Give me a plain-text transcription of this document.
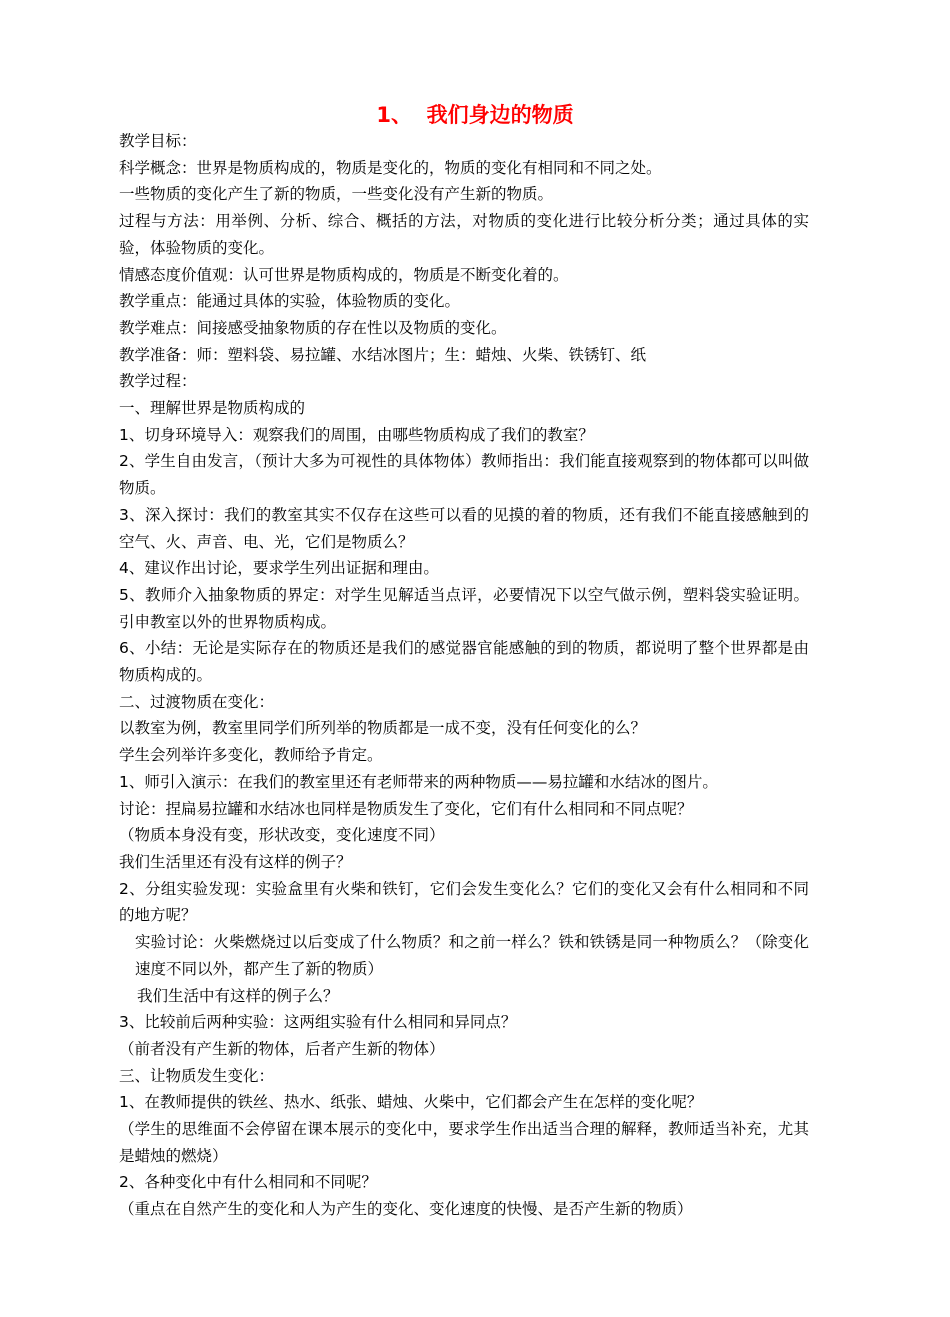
1、  我们身边的物质

教学目标：

科学概念：世界是物质构成的，物质是变化的，物质的变化有相同和不同之处。

一些物质的变化产生了新的物质，一些变化没有产生新的物质。

过程与方法：用举例、分析、综合、概括的方法，对物质的变化进行比较分析分类；通过具体的实验，体验物质的变化。

情感态度价值观：认可世界是物质构成的，物质是不断变化着的。

教学重点：能通过具体的实验，体验物质的变化。

教学难点：间接感受抽象物质的存在性以及物质的变化。

教学准备：师：塑料袋、易拉罐、水结冰图片；生：蜡烛、火柴、铁锈钉、纸

教学过程：

一、理解世界是物质构成的

1、切身环境导入：观察我们的周围，由哪些物质构成了我们的教室？

2、学生自由发言，（预计大多为可视性的具体物体）教师指出：我们能直接观察到的物体都可以叫做物质。

3、深入探讨：我们的教室其实不仅存在这些可以看的见摸的着的物质，还有我们不能直接感触到的空气、火、声音、电、光，它们是物质么？

4、建议作出讨论，要求学生列出证据和理由。

5、教师介入抽象物质的界定：对学生见解适当点评，必要情况下以空气做示例，塑料袋实验证明。引申教室以外的世界物质构成。

6、小结：无论是实际存在的物质还是我们的感觉器官能感触的到的物质，都说明了整个世界都是由物质构成的。

二、过渡物质在变化：

以教室为例，教室里同学们所列举的物质都是一成不变，没有任何变化的么？

学生会列举许多变化，教师给予肯定。

1、师引入演示：在我们的教室里还有老师带来的两种物质——易拉罐和水结冰的图片。

讨论：捏扁易拉罐和水结冰也同样是物质发生了变化，它们有什么相同和不同点呢？

（物质本身没有变，形状改变，变化速度不同）

我们生活里还有没有这样的例子？

2、分组实验发现：实验盒里有火柴和铁钉，它们会发生变化么？它们的变化又会有什么相同和不同的地方呢？

实验讨论：火柴燃烧过以后变成了什么物质？和之前一样么？铁和铁锈是同一种物质么？（除变化速度不同以外，都产生了新的物质）

我们生活中有这样的例子么？

3、比较前后两种实验：这两组实验有什么相同和异同点？

（前者没有产生新的物体，后者产生新的物体）

三、让物质发生变化：

1、在教师提供的铁丝、热水、纸张、蜡烛、火柴中，它们都会产生在怎样的变化呢？

（学生的思维面不会停留在课本展示的变化中，要求学生作出适当合理的解释，教师适当补充，尤其是蜡烛的燃烧）

2、各种变化中有什么相同和不同呢？

（重点在自然产生的变化和人为产生的变化、变化速度的快慢、是否产生新的物质）
